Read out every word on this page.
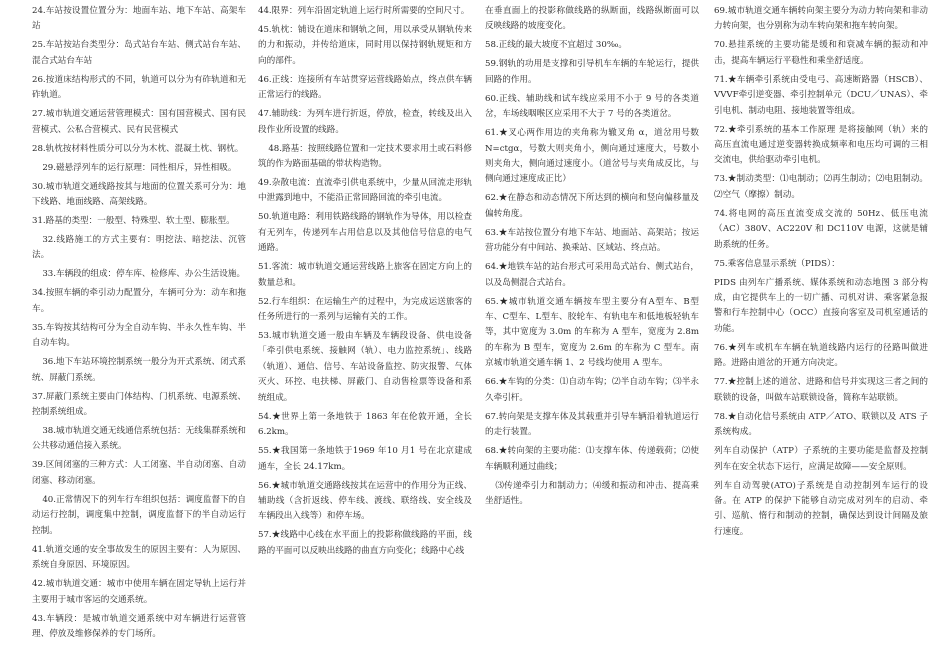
24.车站按设置位置分为：地面车站、地下车站、高架车站

25.车站按站台类型分：岛式站台车站、侧式站台车站、混合式站台车站

26.按道床结构形式的不同，轨道可以分为有砟轨道和无砟轨道。

27.城市轨道交通运营管理模式：国有国营模式、国有民营模式、公私合营模式、民有民营模式

28.轨枕按材料性质分可以分为木枕、混凝土枕、钢枕。

29.磁悬浮列车的运行原理：同性相斥，异性相吸。

30.城市轨道交通线路按其与地面的位置关系可分为：地下线路、地面线路、高架线路。

31.路基的类型：一般型、特殊型、软土型、膨胀型。

32.线路施工的方式主要有：明挖法、暗挖法、沉管法。

33.车辆段的组成：停车库、检修库、办公生活设施。

34.按照车辆的牵引动力配置分，车辆可分为：动车和拖车。

35.车钩按其结构可分为全自动车钩、半永久性车钩、半自动车钩。

36.地下车站环境控制系统一般分为开式系统、闭式系统、屏蔽门系统。

37.屏蔽门系统主要由门体结构、门机系统、电源系统、控制系统组成。

38.城市轨道交通无线通信系统包括：无线集群系统和公共移动通信接入系统。

39.区间闭塞的三种方式：人工闭塞、半自动闭塞、自动闭塞、移动闭塞。

40.正常情况下的列车行车组织包括：调度监督下的自动运行控制，调度集中控制，调度监督下的半自动运行控制。

41.轨道交通的安全事故发生的原因主要有：人为原因、系统自身原因、环境原因。

42.城市轨道交通：城市中使用车辆在固定导轨上运行并主要用于城市客运的交通系统。

43.车辆段：是城市轨道交通系统中对车辆进行运营管理、停放及维修保养的专门场所。

44.限界：列车沿固定轨道上运行时所需要的空间尺寸。

45.轨枕：铺设在道床和钢轨之间，用以承受从钢轨传来的力和振动，并传给道床，同时用以保持钢轨规矩和方向的部件。

46.正线：连接所有车站贯穿运营线路始点，终点供车辆正常运行的线路。

47.辅助线：为列车进行折返，停放，检查，转线及出入段作业所设置的线路。

48.路基：按照线路位置和一定技术要求用土或石料修筑的作为路面基础的带状构造物。

49.杂散电流：直流牵引供电系统中，少量从回流走形轨中泄露到地中，不能沿正常回路回流的牵引电流。

50.轨道电路：利用铁路线路的钢轨作为导体，用以检查有无列车，传递列车占用信息以及其他信号信息的电气通路。

51.客流：城市轨道交通运营线路上旅客在固定方向上的数量总和。

52.行车组织：在运输生产的过程中，为完成运送旅客的任务所进行的一系列与运输有关的工作。

53.城市轨道交通一般由车辆及车辆段设备、供电设备「牵引供电系统、接触网（轨）、电力监控系统」、线路（轨道）、通信、信号、车站设备监控、防灾报警、气体灭火、环控、电扶梯、屏蔽门、自动售检票等设备和系统组成。

54.★世界上第一条地铁于 1863 年在伦敦开通，全长 6.2km。

55.★我国第一条地铁于1969 年10 月1 号在北京建成通车，全长 24.17km。

56.★城市轨道交通路线按其在运营中的作用分为正线、辅助线（含折返线、停车线、渡线、联络线、安全线及车辆段出入线等）和停车场。

57.★线路中心线在水平面上的投影称做线路的平面，线路的平面可以反映出线路的曲直方向变化；线路中心线

在垂直面上的投影称做线路的纵断面，线路纵断面可以反映线路的坡度变化。

58.正线的最大坡度不宜超过 30‰。

59.钢轨的功用是支撑和引导机车车辆的车轮运行，提供回路的作用。

60.正线、辅助线和试车线应采用不小于 9 号的各类道岔，车场线咽喉区应采用不大于 7 号的各类道岔。

61.★叉心两作用边的夹角称为辙叉角 α，道岔用号数 N=ctgα，号数大则夹角小，侧向通过速度大，号数小则夹角大，侧向通过速度小。（道岔号与夹角成反比，与侧向通过速度成正比）

62.★在静态和动态情况下所达到的横向和竖向偏移量及偏转角度。

63.★车站按位置分有地下车站、地面站、高架站；按运营功能分有中间站、换乘站、区域站、终点站。

64.★地铁车站的站台形式可采用岛式站台、侧式站台，以及岛侧混合式站台。

65.★城市轨道交通车辆按车型主要分有A型车、B型车、C型车、L型车、胶轮车、有轨电车和低地板轻轨车等，其中宽度为 3.0m 的车称为 A 型车，宽度为 2.8m 的车称为 B 型车，宽度为 2.6m 的车称为 C 型车。南京城市轨道交通车辆 1、2 号线均使用 A 型车。

66.★车钩的分类：⑴自动车钩；⑵半自动车钩；⑶半永久牵引杆。

67.转向架是支撑车体及其载重并引导车辆沿着轨道运行的走行装置。

68.★转向架的主要功能：⑴支撑车体、传递载荷；⑵使车辆顺利通过曲线；

⑶传递牵引力和制动力；⑷缓和振动和冲击、提高乘坐舒适性。

69.城市轨道交通车辆转向架主要分为动力转向架和非动力转向架，也分别称为动车转向架和拖车转向架。

70.悬挂系统的主要功能是缓和和衰减车辆的振动和冲击，提高车辆运行平稳性和乘坐舒适度。

71.★车辆牵引系统由受电弓、高速断路器（HSCB）、VVVF牵引逆变器、牵引控制单元（DCU／UNAS）、牵引电机、制动电阻、接地装置等组成。

72.★牵引系统的基本工作原理 是将接触网（轨）来的高压直流电通过逆变器转换成频率和电压均可调的三相交流电，供给驱动牵引电机。

73.★制动类型：⑴电制动；⑵再生制动；⑵电阻制动。⑵空气（摩擦）制动。

74.将电网的高压直流变成交流的 50Hz、低压电流（AC）380V、AC220V 和 DC110V 电源，这就是辅助系统的任务。

75.乘客信息显示系统（PIDS）：

PIDS 由列车广播系统、媒体系统和动态地图 3 部分构成，由它提供车上的一切广播、司机对讲、乘客紧急报警和行车控制中心（OCC）直接向客室及司机室通话的功能。

76.★列车或机车车辆在轨道线路内运行的径路叫做进路。进路由道岔的开通方向决定。

77.★控制上述的道岔、进路和信号并实现这三者之间的联锁的设备，叫做车站联锁设备，简称车站联锁。

78.★自动化信号系统由 ATP／ATO、联锁以及 ATS 子系统构成。

列车自动保护（ATP）子系统的主要功能是监督及控制列车在安全状态下运行，应满足故障——安全原则。

列车自动驾驶(ATO)子系统是自动控制列车运行的设备。在 ATP 的保护下能够自动完成对列车的启动、牵引、巡航、惰行和制动的控制，确保达到设计间隔及旅行速度。
